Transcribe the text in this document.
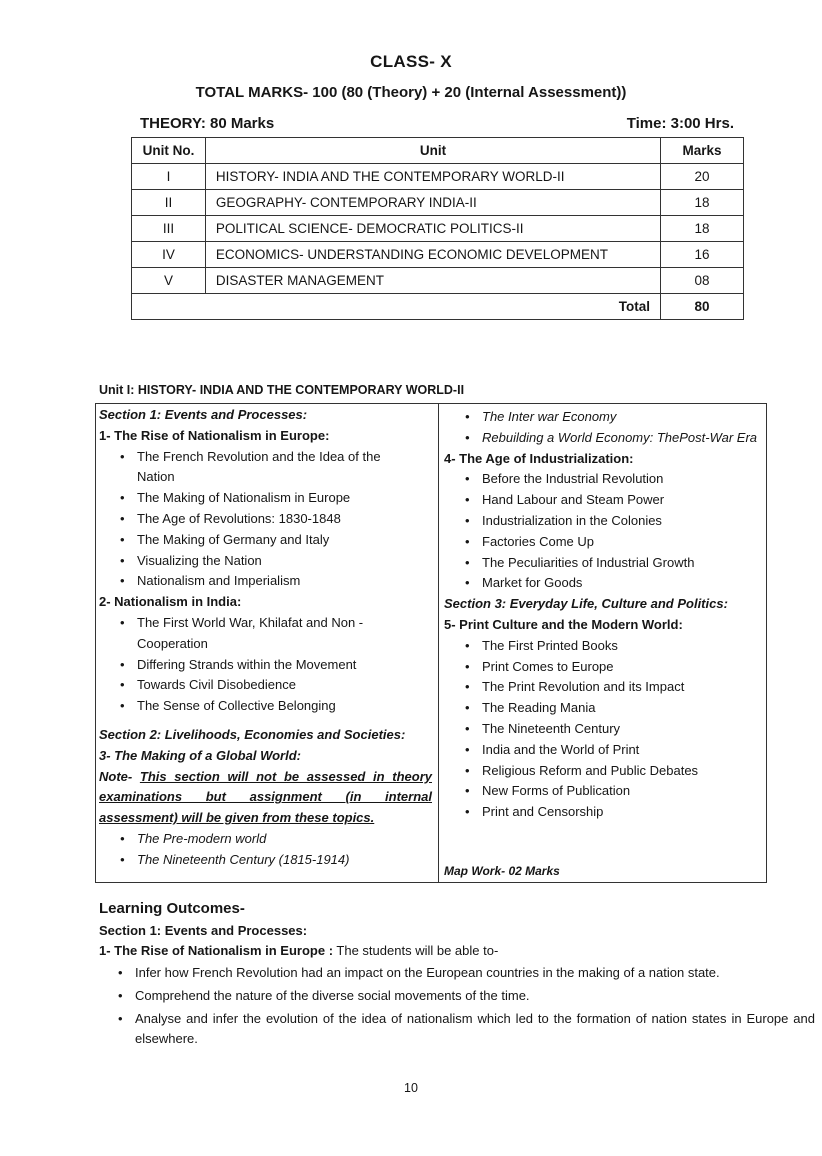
CLASS- X
TOTAL MARKS- 100 (80 (Theory) + 20 (Internal Assessment))
THEORY: 80 Marks	Time: 3:00 Hrs.
Unit No.	Unit	Marks
I	HISTORY- INDIA AND THE CONTEMPORARY WORLD-II	20
II	GEOGRAPHY- CONTEMPORARY INDIA-II	18
III	POLITICAL SCIENCE- DEMOCRATIC POLITICS-II	18
IV	ECONOMICS- UNDERSTANDING ECONOMIC DEVELOPMENT	16
V	DISASTER MANAGEMENT	08
Total		80
Unit I: HISTORY- INDIA AND THE CONTEMPORARY WORLD-II
Section 1: Events and Processes:
1- The Rise of Nationalism in Europe:
• The French Revolution and the Idea of the Nation
• The Making of Nationalism in Europe
• The Age of Revolutions: 1830-1848
• The Making of Germany and Italy
• Visualizing the Nation
• Nationalism and Imperialism
2- Nationalism in India:
• The First World War, Khilafat and Non - Cooperation
• Differing Strands within the Movement
• Towards Civil Disobedience
• The Sense of Collective Belonging
Section 2: Livelihoods, Economies and Societies:
3- The Making of a Global World:
Note- This section will not be assessed in theory examinations but assignment (in internal assessment) will be given from these topics.
• The Pre-modern world
• The Nineteenth Century (1815-1914)
• The Inter war Economy
• Rebuilding a World Economy: ThePost-War Era
4- The Age of Industrialization:
• Before the Industrial Revolution
• Hand Labour and Steam Power
• Industrialization in the Colonies
• Factories Come Up
• The Peculiarities of Industrial Growth
• Market for Goods
Section 3: Everyday Life, Culture and Politics:
5- Print Culture and the Modern World:
• The First Printed Books
• Print Comes to Europe
• The Print Revolution and its Impact
• The Reading Mania
• The Nineteenth Century
• India and the World of Print
• Religious Reform and Public Debates
• New Forms of Publication
• Print and Censorship
Map Work- 02 Marks
Learning Outcomes-
Section 1: Events and Processes:
1- The Rise of Nationalism in Europe : The students will be able to-
• Infer how French Revolution had an impact on the European countries in the making of a nation state.
• Comprehend the nature of the diverse social movements of the time.
• Analyse and infer the evolution of the idea of nationalism which led to the formation of nation states in Europe and elsewhere.
10
